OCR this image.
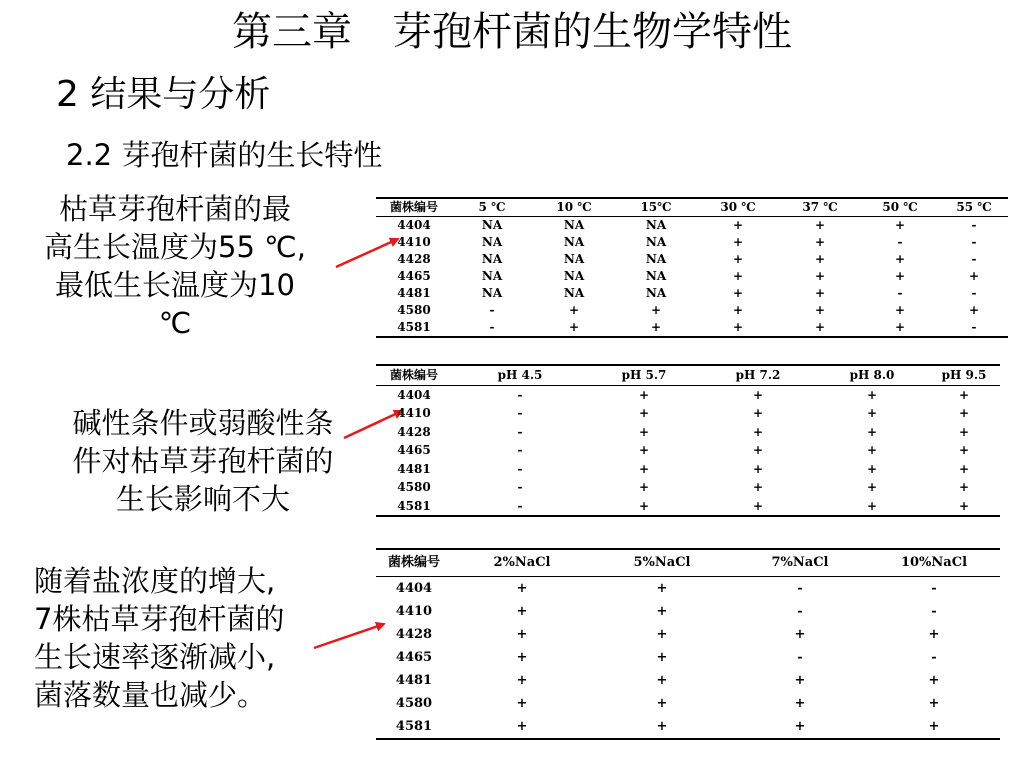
第三章　芽孢杆菌的生物学特性
2 结果与分析
2.2 芽孢杆菌的生长特性
枯草芽孢杆菌的最
高生长温度为55 ℃,
最低生长温度为10
℃
碱性条件或弱酸性条
件对枯草芽孢杆菌的
生长影响不大
随着盐浓度的增大,
7株枯草芽孢杆菌的
生长速率逐渐减小,
菌落数量也减少。
菌株编号	5 ℃	10 ℃	15℃	30 ℃	37 ℃	50 ℃	55 ℃
4404	NA	NA	NA	+	+	+	-
4410	NA	NA	NA	+	+	-	-
4428	NA	NA	NA	+	+	+	-
4465	NA	NA	NA	+	+	+	+
4481	NA	NA	NA	+	+	-	-
4580	-	+	+	+	+	+	+
4581	-	+	+	+	+	+	-
菌株编号	pH 4.5	pH 5.7	pH 7.2	pH 8.0	pH 9.5
4404	-	+	+	+	+
4410	-	+	+	+	+
4428	-	+	+	+	+
4465	-	+	+	+	+
4481	-	+	+	+	+
4580	-	+	+	+	+
4581	-	+	+	+	+
菌株编号	2%NaCl	5%NaCl	7%NaCl	10%NaCl
4404	+	+	-	-
4410	+	+	-	-
4428	+	+	+	+
4465	+	+	-	-
4481	+	+	+	+
4580	+	+	+	+
4581	+	+	+	+
